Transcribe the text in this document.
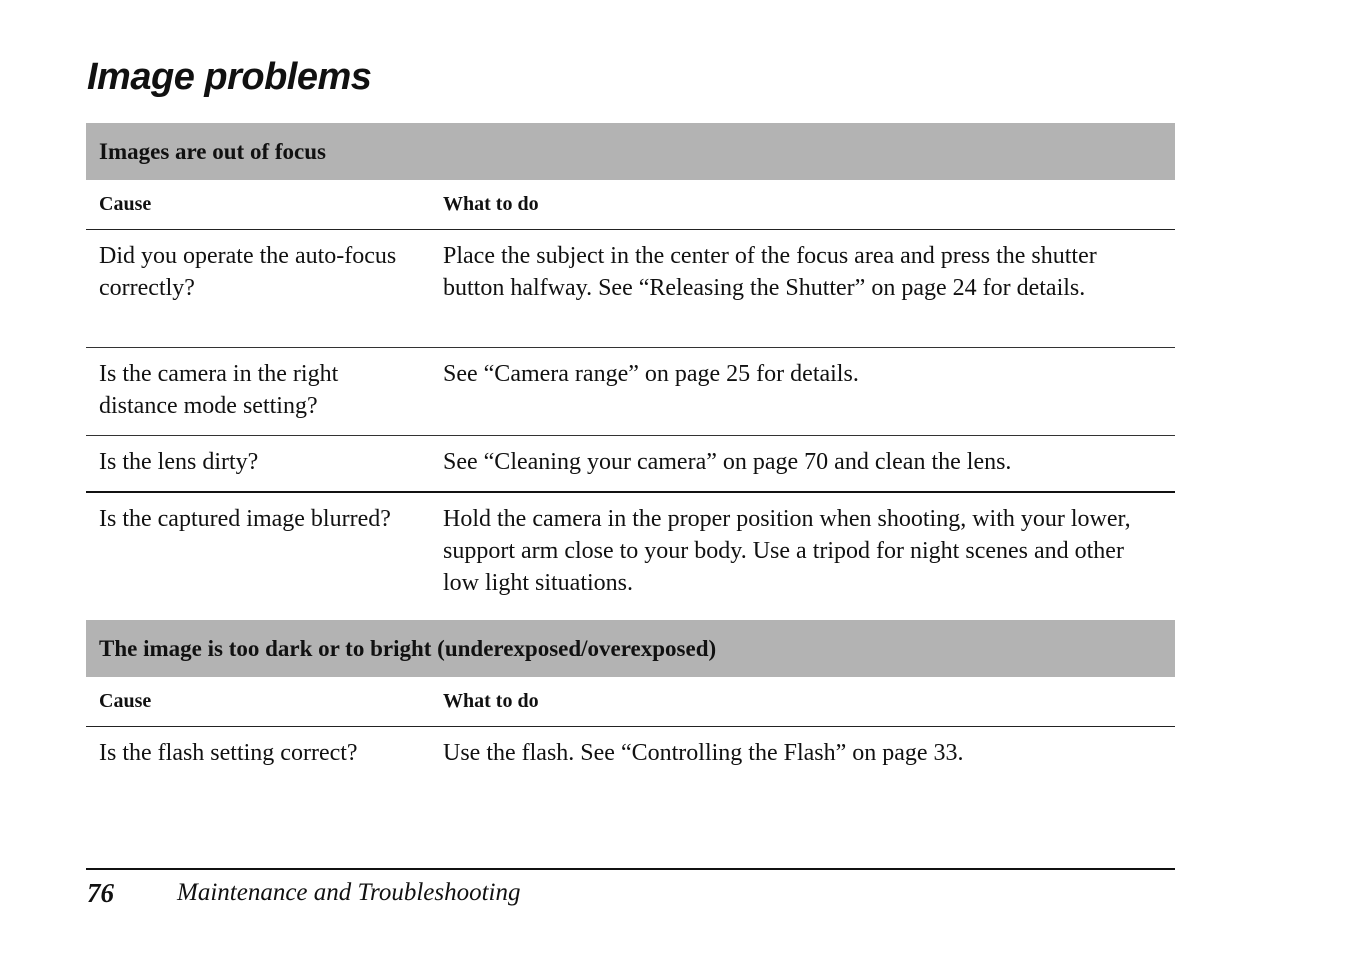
Image problems
Images are out of focus	
Cause	What to do
Did you operate the auto-focus correctly?	Place the subject in the center of the focus area and press the shutter button halfway. See “Releasing the Shutter” on page 24 for details.
Is the camera in the right distance mode setting?	See “Camera range” on page 25 for details.
Is the lens dirty?	See “Cleaning your camera” on page 70 and clean the lens.
Is the captured image blurred?	Hold the camera in the proper position when shooting, with your lower, support arm close to your body. Use a tripod for night scenes and other low light situations.
The image is too dark or to bright (underexposed/overexposed)	
Cause	What to do
Is the flash setting correct?	Use the flash. See “Controlling the Flash” on page 33.
76	Maintenance and Troubleshooting
